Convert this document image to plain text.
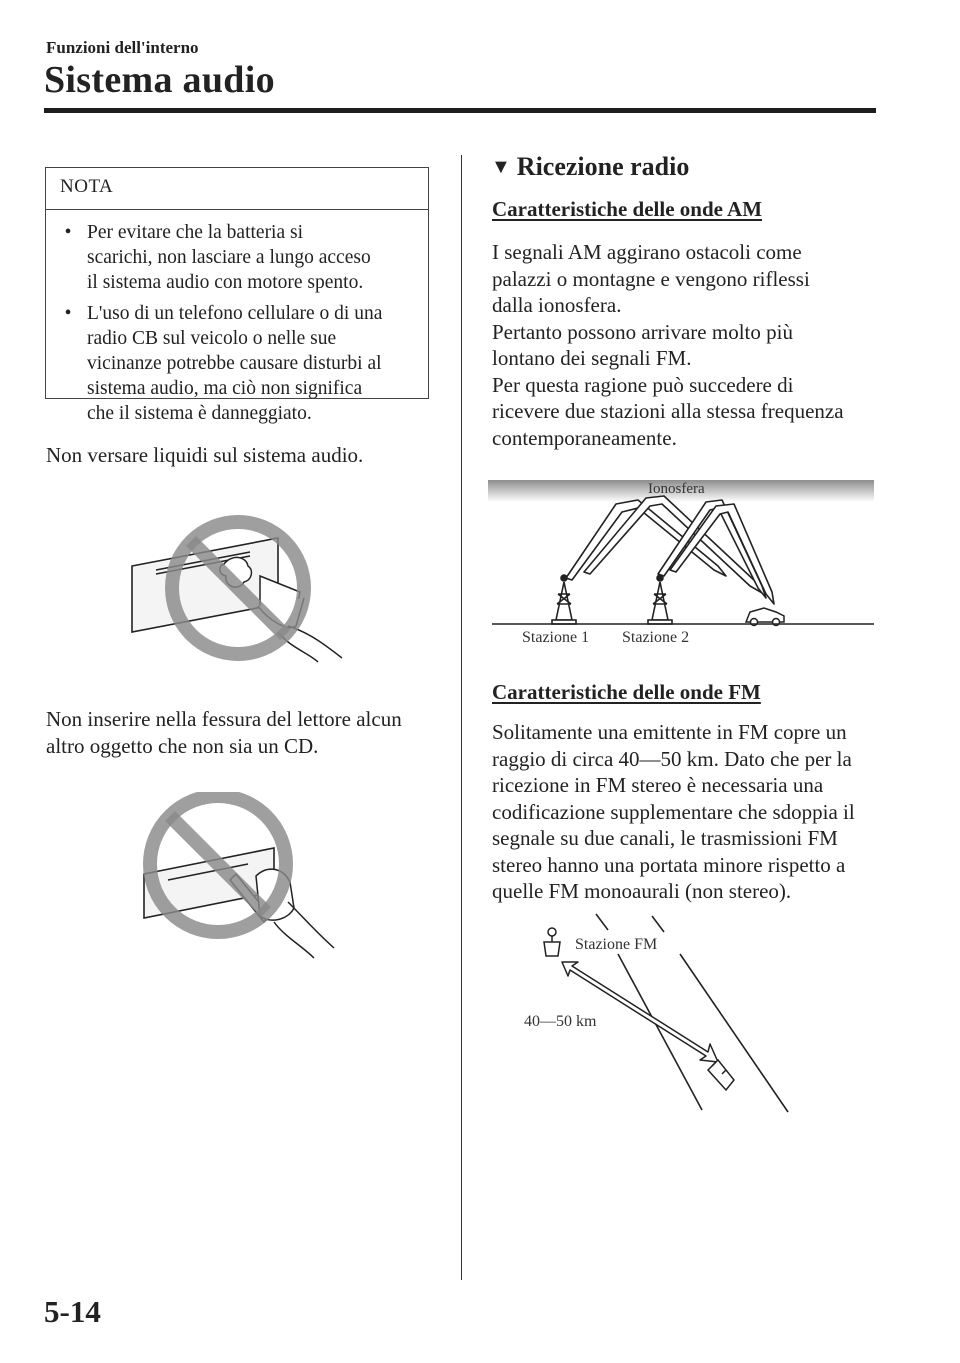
Funzioni dell'interno
Sistema audio
NOTA
• Per evitare che la batteria si
scarichi, non lasciare a lungo acceso
il sistema audio con motore spento.
• L'uso di un telefono cellulare o di una
radio CB sul veicolo o nelle sue
vicinanze potrebbe causare disturbi al
sistema audio, ma ciò non significa
che il sistema è danneggiato.
Non versare liquidi sul sistema audio.
Non inserire nella fessura del lettore alcun
altro oggetto che non sia un CD.
▼ Ricezione radio
Caratteristiche delle onde AM
I segnali AM aggirano ostacoli come
palazzi o montagne e vengono riflessi
dalla ionosfera.
Pertanto possono arrivare molto più
lontano dei segnali FM.
Per questa ragione può succedere di
ricevere due stazioni alla stessa frequenza
contemporaneamente.
Ionosfera
Stazione 1 Stazione 2
Caratteristiche delle onde FM
Solitamente una emittente in FM copre un
raggio di circa 40―50 km. Dato che per la
ricezione in FM stereo è necessaria una
codificazione supplementare che sdoppia il
segnale su due canali, le trasmissioni FM
stereo hanno una portata minore rispetto a
quelle FM monoaurali (non stereo).
Stazione FM
40―50 km
5-14
